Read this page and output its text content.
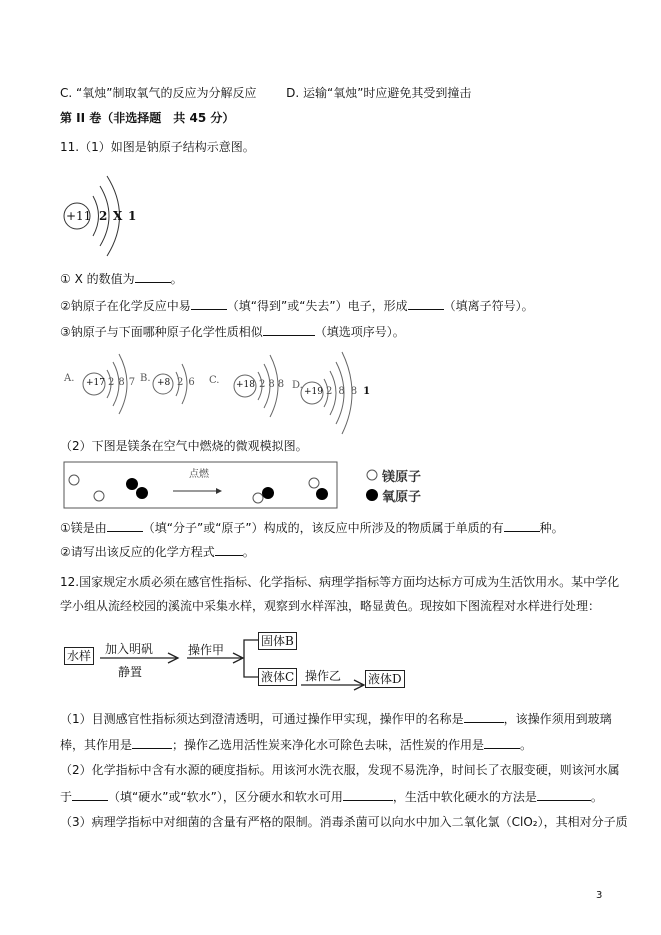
C. “氧烛”制取氧气的反应为分解反应 D. 运输“氧烛”时应避免其受到撞击
第 II 卷（非选择题　共 45 分）
11.（1）如图是钠原子结构示意图。
+11 2 X 1
① X 的数值为	。
②钠原子在化学反应中易	（填“得到”或“失去”）电子，形成	（填离子符号）。
③钠原子与下面哪种原子化学性质相似	（填选项序号）。
A. +17 287 B. +8 26 C. +18 288 D.
+19 2881
（2）下图是镁条在空气中燃烧的微观模拟图。
点燃	镁原子
氧原子
①镁是由	（填“分子”或“原子”）构成的，该反应中所涉及的物质属于单质的有	种。
②请写出该反应的化学方程式 。
12.国家规定水质必须在感官性指标、化学指标、病理学指标等方面均达标方可成为生活饮用水。某中学化
学小组从流经校园的溪流中采集水样，观察到水样浑浊，略显黄色。现按如下图流程对水样进行处理：
水样 加入明矾
静置
操作甲
固体B
液体C 操作乙 液体D
（1）目测感官性指标须达到澄清透明，可通过操作甲实现，操作甲的名称是	，该操作须用到玻璃
棒，其作用是	；操作乙选用活性炭来净化水可除色去味，活性炭的作用是	。
（2）化学指标中含有水源的硬度指标。用该河水洗衣服，发现不易洗净，时间长了衣服变硬，则该河水属
于	（填“硬水”或“软水”），区分硬水和软水可用	，生活中软化硬水的方法是	。
（3）病理学指标中对细菌的含量有严格的限制。消毒杀菌可以向水中加入二氧化氯（ClO₂），其相对分子质
3
